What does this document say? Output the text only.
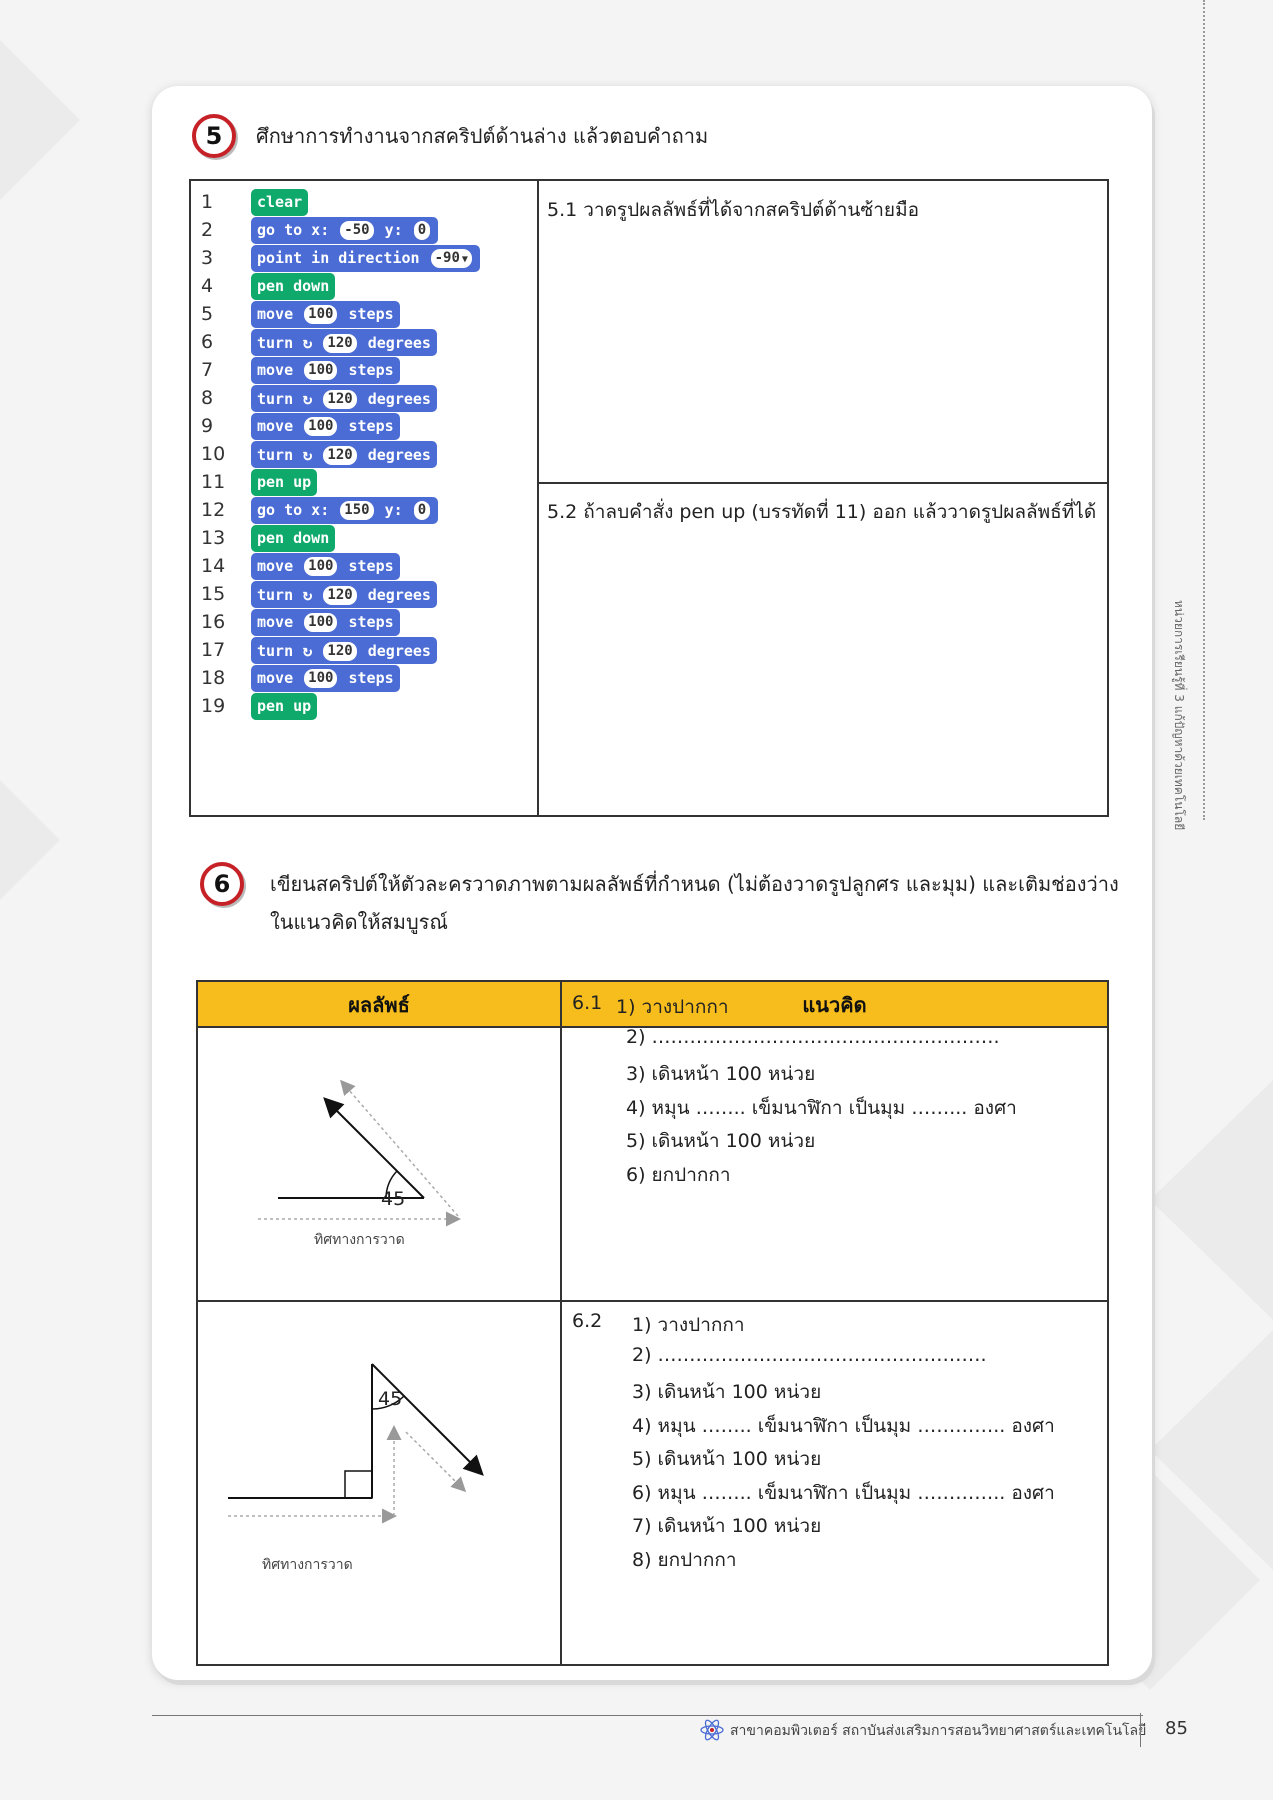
หน่วยการเรียนรู้ที่ 3 แก้ปัญหาด้วยเทคโนโลยี
5	ศึกษาการทำงานจากสคริปต์ด้านล่าง แล้วตอบคำถาม
5.1 วาดรูปผลลัพธ์ที่ได้จากสคริปต์ด้านซ้ายมือ
5.2 ถ้าลบคำสั่ง pen up (บรรทัดที่ 11) ออก แล้ววาดรูปผลลัพธ์ที่ได้
1	clear
2	go to x: -50 y: 0
3	point in direction -90 ▼
4	pen down
5	move 100 steps
6	turn ↻ 120 degrees
7	move 100 steps
8	turn ↻ 120 degrees
9	move 100 steps
10	turn ↻ 120 degrees
11	pen up
12	go to x: 150 y: 0
13	pen down
14	move 100 steps
15	turn ↻ 120 degrees
16	move 100 steps
17	turn ↻ 120 degrees
18	move 100 steps
19	pen up
6	เขียนสคริปต์ให้ตัวละครวาดภาพตามผลลัพธ์ที่กำหนด (ไม่ต้องวาดรูปลูกศร และมุม) และเติมช่องว่าง
ในแนวคิดให้สมบูรณ์
ผลลัพธ์	แนวคิด
45
ทิศทางการวาด
6.1 1) วางปากกา
2) ……………………………………………….
3) เดินหน้า 100 หน่วย
4) หมุน …….. เข็มนาฬิกา เป็นมุม ……... องศา
5) เดินหน้า 100 หน่วย
6) ยกปากกา
45
ทิศทางการวาด
6.2 1) วางปากกา
2) …………………………………………….
3) เดินหน้า 100 หน่วย
4) หมุน …….. เข็มนาฬิกา เป็นมุม ………….. องศา
5) เดินหน้า 100 หน่วย
6) หมุน …….. เข็มนาฬิกา เป็นมุม ………….. องศา
7) เดินหน้า 100 หน่วย
8) ยกปากกา
สาขาคอมพิวเตอร์ สถาบันส่งเสริมการสอนวิทยาศาสตร์และเทคโนโลยี 85
